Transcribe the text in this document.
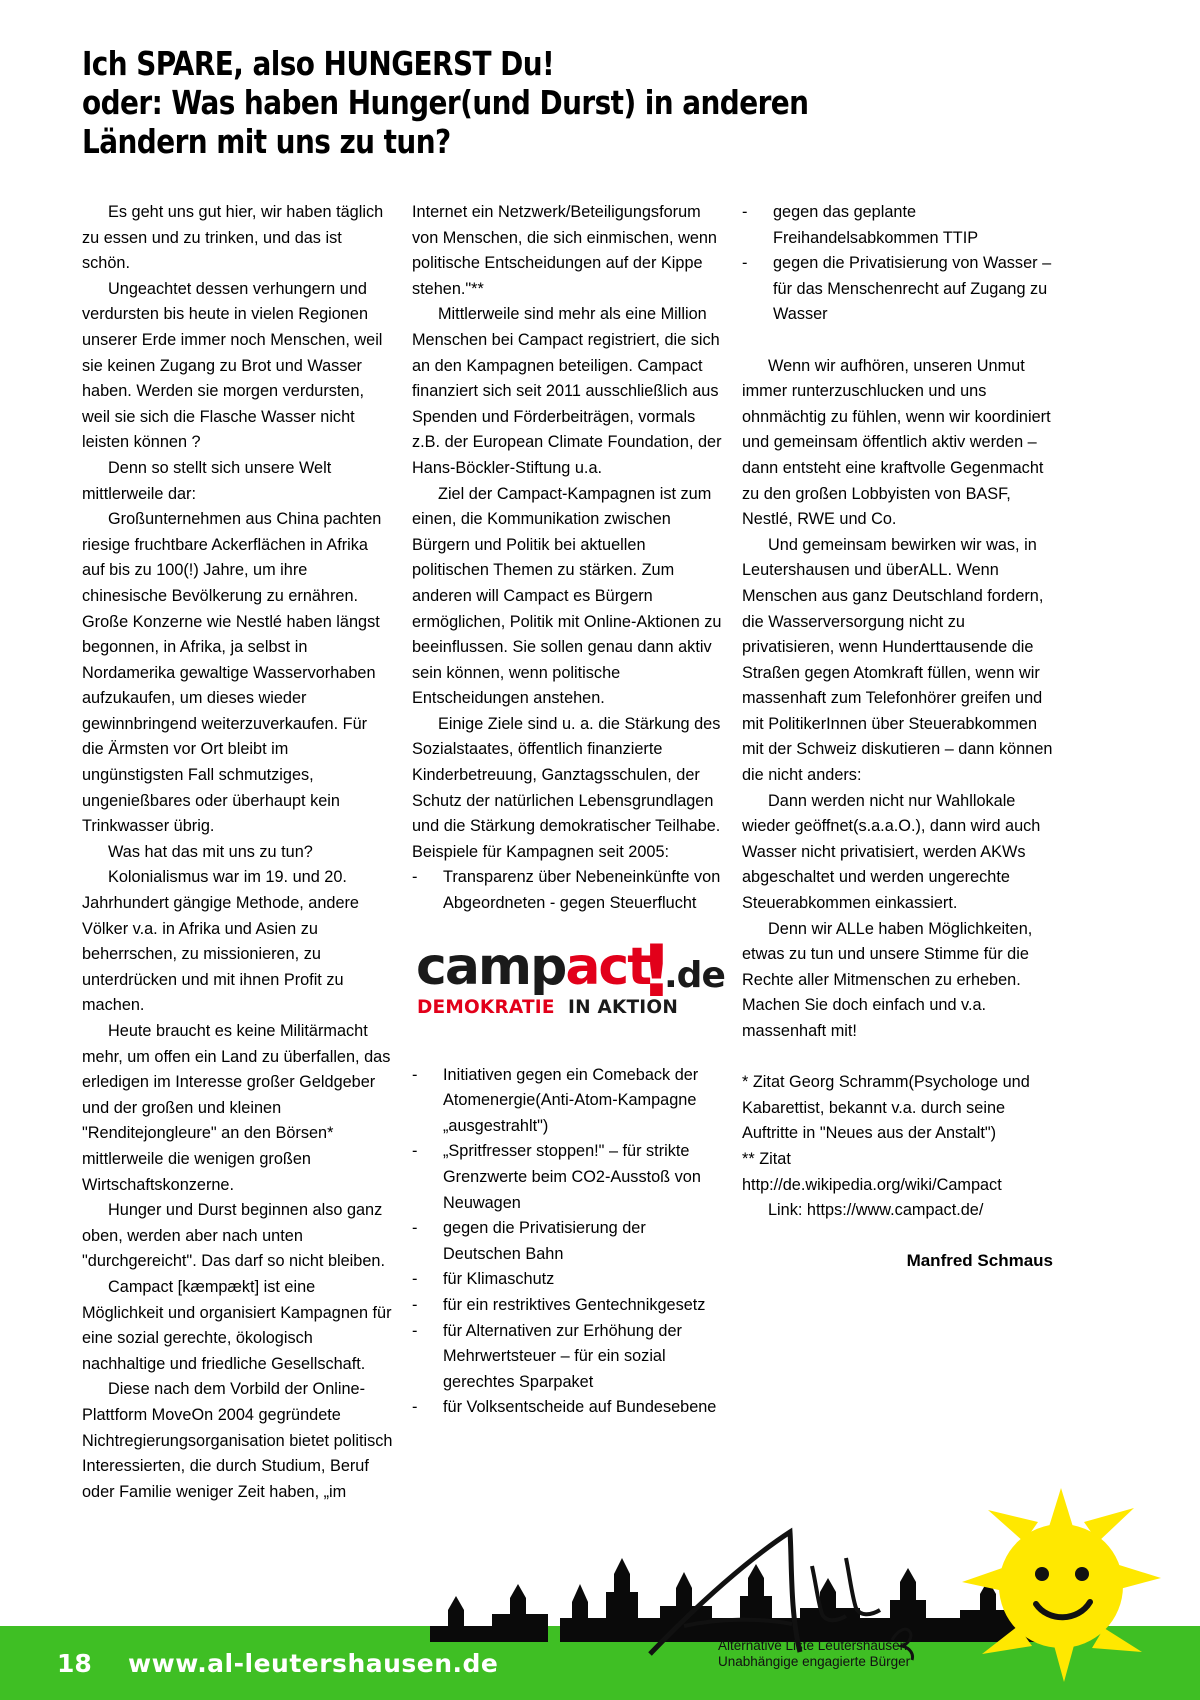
Ich SPARE, also HUNGERST Du!
oder: Was haben Hunger(und Durst) in anderen
Ländern mit uns zu tun?

Es geht uns gut hier, wir haben täglich zu essen und zu trinken, und das ist schön.

Ungeachtet dessen verhungern und verdursten bis heute in vielen Regionen unserer Erde immer noch Menschen, weil sie keinen Zugang zu Brot und Wasser haben. Werden sie morgen verdursten, weil sie sich die Flasche Wasser nicht leisten können ?

Denn so stellt sich unsere Welt mittlerweile dar:

Großunternehmen aus China pachten riesige fruchtbare Ackerflächen in Afrika auf bis zu 100(!) Jahre, um ihre chinesische Bevölkerung zu ernähren. Große Konzerne wie Nestlé haben längst begonnen, in Afrika, ja selbst in Nordamerika gewaltige Wasservorhaben aufzukaufen, um dieses wieder gewinnbringend weiterzuverkaufen. Für die Ärmsten vor Ort bleibt im ungünstigsten Fall schmutziges, ungenießbares oder überhaupt kein Trinkwasser übrig.

Was hat das mit uns zu tun?

Kolonialismus war im 19. und 20. Jahrhundert gängige Methode, andere Völker v.a. in Afrika und Asien zu beherrschen, zu missionieren, zu unterdrücken und mit ihnen Profit zu machen.

Heute braucht es keine Militärmacht mehr, um offen ein Land zu überfallen, das erledigen im Interesse großer Geldgeber und der großen und kleinen "Renditejongleure" an den Börsen* mittlerweile die wenigen großen Wirtschaftskonzerne.

Hunger und Durst beginnen also ganz oben, werden aber nach unten "durchgereicht". Das darf so nicht bleiben.

Campact [kæmpækt] ist eine Möglichkeit und organisiert Kampagnen für eine sozial gerechte, ökologisch nachhaltige und friedliche Gesellschaft.

Diese nach dem Vorbild der Online-Plattform MoveOn 2004 gegründete Nichtregierungsorganisation bietet politisch Interessierten, die durch Studium, Beruf oder Familie weniger Zeit haben, „im

Internet ein Netzwerk/Beteiligungsforum von Menschen, die sich einmischen, wenn politische Entscheidungen auf der Kippe stehen."**

Mittlerweile sind mehr als eine Million Menschen bei Campact registriert, die sich an den Kampagnen beteiligen. Campact finanziert sich seit 2011 ausschließlich aus Spenden und Förderbeiträgen, vormals z.B. der European Climate Foundation, der Hans-Böckler-Stiftung u.a.

Ziel der Campact-Kampagnen ist zum einen, die Kommunikation zwischen Bürgern und Politik bei aktuellen politischen Themen zu stärken. Zum anderen will Campact es Bürgern ermöglichen, Politik mit Online-Aktionen zu beeinflussen. Sie sollen genau dann aktiv sein können, wenn politische Entscheidungen anstehen.

Einige Ziele sind u. a. die Stärkung des Sozialstaates, öffentlich finanzierte Kinderbetreuung, Ganztagsschulen, der Schutz der natürlichen Lebensgrundlagen und die Stärkung demokratischer Teilhabe. Beispiele für Kampagnen seit 2005:

- Transparenz über Nebeneinkünfte von Abgeordneten - gegen Steuerflucht
campact
!
.de
DEMOKRATIE IN AKTION
- Initiativen gegen ein Comeback der Atomenergie(Anti-Atom-Kampagne „ausgestrahlt")
- „Spritfresser stoppen!" – für strikte Grenzwerte beim CO2-Ausstoß von Neuwagen
- gegen die Privatisierung der Deutschen Bahn
- für Klimaschutz
- für ein restriktives Gentechnikgesetz
- für Alternativen zur Erhöhung der Mehrwertsteuer – für ein sozial gerechtes Sparpaket
- für Volksentscheide auf Bundesebene
- gegen das geplante Freihandelsabkommen TTIP
- gegen die Privatisierung von Wasser – für das Menschenrecht auf Zugang zu Wasser

Wenn wir aufhören, unseren Unmut immer runterzuschlucken und uns ohnmächtig zu fühlen, wenn wir koordiniert und gemeinsam öffentlich aktiv werden – dann entsteht eine kraftvolle Gegenmacht zu den großen Lobbyisten von BASF, Nestlé, RWE und Co.

Und gemeinsam bewirken wir was, in Leutershausen und überALL. Wenn Menschen aus ganz Deutschland fordern, die Wasserversorgung nicht zu privatisieren, wenn Hunderttausende die Straßen gegen Atomkraft füllen, wenn wir massenhaft zum Telefonhörer greifen und mit PolitikerInnen über Steuerabkommen mit der Schweiz diskutieren – dann können die nicht anders:

Dann werden nicht nur Wahllokale wieder geöffnet(s.a.a.O.), dann wird auch Wasser nicht privatisiert, werden AKWs abgeschaltet und werden ungerechte Steuerabkommen einkassiert.

Denn wir ALLe haben Möglichkeiten, etwas zu tun und unsere Stimme für die Rechte aller Mitmenschen zu erheben. Machen Sie doch einfach und v.a. massenhaft mit!

* Zitat Georg Schramm(Psychologe und Kabarettist, bekannt v.a. durch seine Auftritte in "Neues aus der Anstalt")

** Zitat http://de.wikipedia.org/wiki/Campact

Link: https://www.campact.de/

Manfred Schmaus
18 www.al-leutershausen.de
Alternative Liste Leutershausen
Unabhängige engagierte Bürger
